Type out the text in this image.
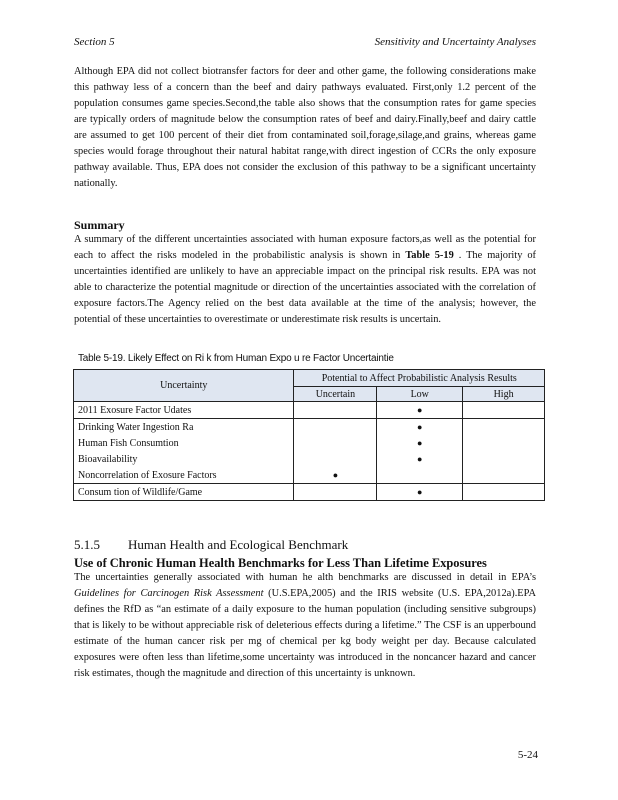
Section 5	Sensitivity and Uncertainty Analyses

Although EPA did not collect biotransfer factors for deer and other game, the following considerations make this pathway less of a concern than the beef and dairy pathways evaluated. First,only 1.2 percent of the population consumes game species.Second,the table also shows that the consumption rates for game species are typically orders of magnitude below the consumption rates of beef and dairy.Finally,beef and dairy cattle are assumed to get 100 percent of their diet from contaminated soil,forage,silage,and grains, whereas game species would forage throughout their natural habitat range,with direct ingestion of CCRs the only exposure pathway available. Thus, EPA does not consider the exclusion of this pathway to be a significant uncertainty nationally.

Summary

A summary of the different uncertainties associated with human exposure factors,as well as the potential for each to affect the risks modeled in the probabilistic analysis is shown in Table 5-19 . The majority of uncertainties identified are unlikely to have an appreciable impact on the principal risk results. EPA was not able to characterize the potential magnitude or direction of the uncertainties associated with the correlation of exposure factors.The Agency relied on the best data available at the time of the analysis; however, the potential of these uncertainties to overestimate or underestimate risk results is uncertain.

Table 5-19. Likely Effect on Ri k from Human Expo u re Factor Uncertaintie
Uncertainty	Potential to Affect Probabilistic Analysis Results		
	Uncertain	Low	High
2011 Exosure Factor Udates		●	
Drinking Water Ingestion Ra		●	
Human Fish Consumtion		●	
Bioavailability		●	
Noncorrelation of Exosure Factors	●		
Consum tion of Wildlife/Game		●	
5.1.5 Human Health and Ecological Benchmark
Use of Chronic Human Health Benchmarks for Less Than Lifetime Exposures

The uncertainties generally associated with human he alth benchmarks are discussed in detail in EPA’s Guidelines for Carcinogen Risk Assessment (U.S.EPA,2005) and the IRIS website (U.S. EPA,2012a).EPA defines the RfD as “an estimate of a daily exposure to the human population (including sensitive subgroups) that is likely to be without appreciable risk of deleterious effects during a lifetime.” The CSF is an upperbound estimate of the human cancer risk per mg of chemical per kg body weight per day. Because calculated exposures were often less than lifetime,some uncertainty was introduced in the noncancer hazard and cancer risk estimates, though the magnitude and direction of this uncertainty is unknown.

5-24
